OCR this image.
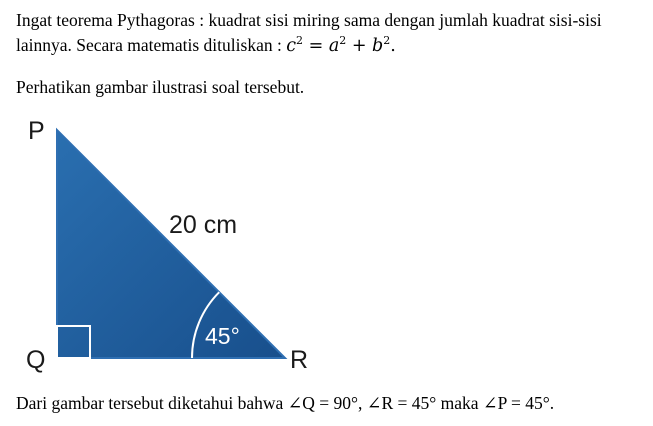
Ingat teorema Pythagoras : kuadrat sisi miring sama dengan jumlah kuadrat sisi-sisi lainnya. Secara matematis dituliskan : $c^2 = a^2 + b^2$.

Perhatikan gambar ilustrasi soal tersebut.

P
Q	R
20 cm
45°

Dari gambar tersebut diketahui bahwa ∠Q = 90°, ∠R = 45° maka ∠P = 45°.
